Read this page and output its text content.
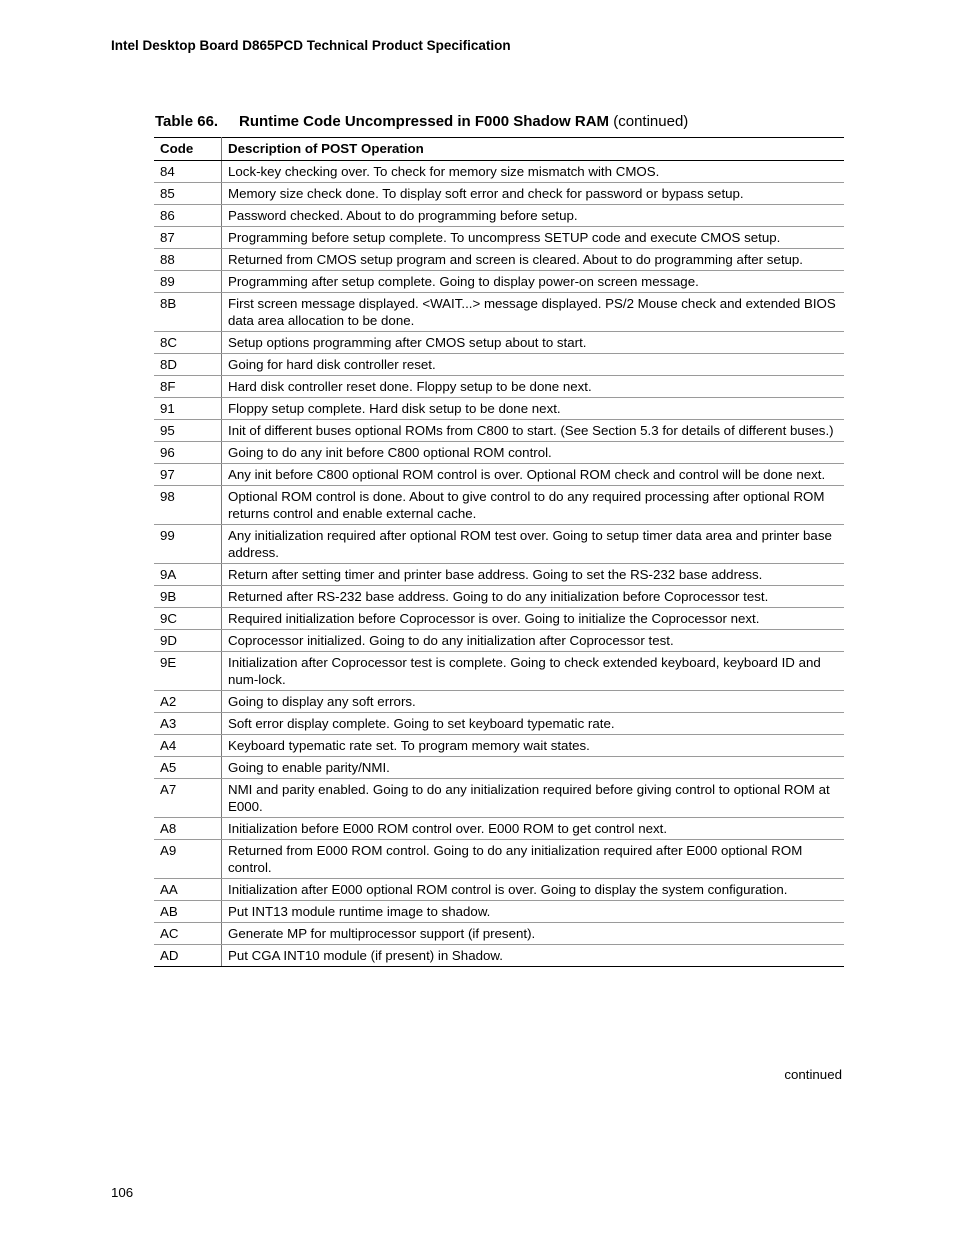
Intel Desktop Board D865PCD Technical Product Specification
Table 66. Runtime Code Uncompressed in F000 Shadow RAM (continued)
Code	Description of POST Operation
84	Lock-key checking over. To check for memory size mismatch with CMOS.
85	Memory size check done. To display soft error and check for password or bypass setup.
86	Password checked. About to do programming before setup.
87	Programming before setup complete. To uncompress SETUP code and execute CMOS setup.
88	Returned from CMOS setup program and screen is cleared. About to do programming after setup.
89	Programming after setup complete. Going to display power-on screen message.
8B	First screen message displayed. <WAIT...> message displayed. PS/2 Mouse check and extended BIOS data area allocation to be done.
8C	Setup options programming after CMOS setup about to start.
8D	Going for hard disk controller reset.
8F	Hard disk controller reset done. Floppy setup to be done next.
91	Floppy setup complete. Hard disk setup to be done next.
95	Init of different buses optional ROMs from C800 to start. (See Section 5.3 for details of different buses.)
96	Going to do any init before C800 optional ROM control.
97	Any init before C800 optional ROM control is over. Optional ROM check and control will be done next.
98	Optional ROM control is done. About to give control to do any required processing after optional ROM returns control and enable external cache.
99	Any initialization required after optional ROM test over. Going to setup timer data area and printer base address.
9A	Return after setting timer and printer base address. Going to set the RS-232 base address.
9B	Returned after RS-232 base address. Going to do any initialization before Coprocessor test.
9C	Required initialization before Coprocessor is over. Going to initialize the Coprocessor next.
9D	Coprocessor initialized. Going to do any initialization after Coprocessor test.
9E	Initialization after Coprocessor test is complete. Going to check extended keyboard, keyboard ID and num-lock.
A2	Going to display any soft errors.
A3	Soft error display complete. Going to set keyboard typematic rate.
A4	Keyboard typematic rate set. To program memory wait states.
A5	Going to enable parity/NMI.
A7	NMI and parity enabled. Going to do any initialization required before giving control to optional ROM at E000.
A8	Initialization before E000 ROM control over. E000 ROM to get control next.
A9	Returned from E000 ROM control. Going to do any initialization required after E000 optional ROM control.
AA	Initialization after E000 optional ROM control is over. Going to display the system configuration.
AB	Put INT13 module runtime image to shadow.
AC	Generate MP for multiprocessor support (if present).
AD	Put CGA INT10 module (if present) in Shadow.
continued
106
